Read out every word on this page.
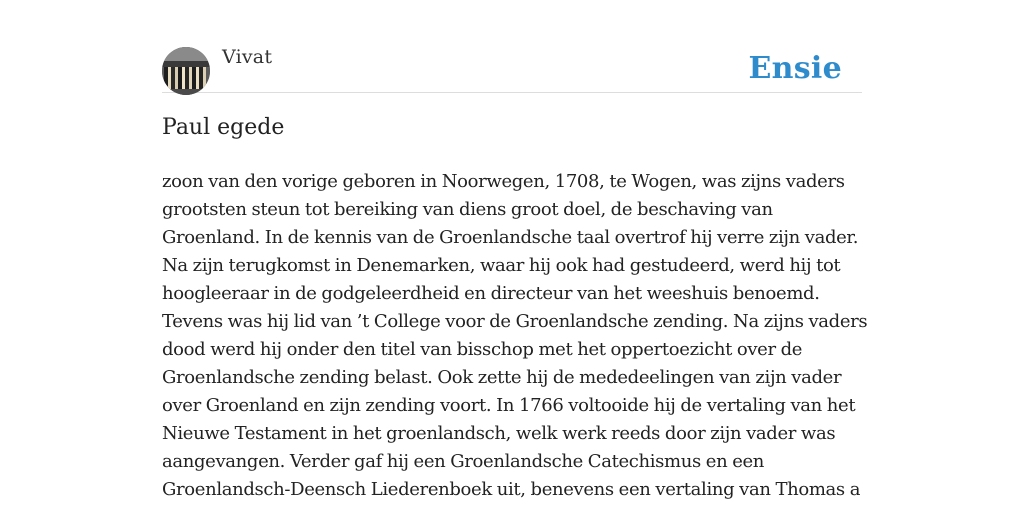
Vivat	Ensie
Paul egede

zoon van den vorige geboren in Noorwegen, 1708, te Wogen, was zijns vaders grootsten steun tot bereiking van diens groot doel, de beschaving van Groenland. In de kennis van de Groenlandsche taal overtrof hij verre zijn vader. Na zijn terugkomst in Denemarken, waar hij ook had gestudeerd, werd hij tot hoogleeraar in de godgeleerdheid en directeur van het weeshuis benoemd. Tevens was hij lid van ’t College voor de Groenlandsche zending. Na zijns vaders dood werd hij onder den titel van bisschop met het oppertoezicht over de Groenlandsche zending belast. Ook zette hij de mededeelingen van zijn vader over Groenland en zijn zending voort. In 1766 voltooide hij de vertaling van het Nieuwe Testament in het groenlandsch, welk werk reeds door zijn vader was aangevangen. Verder gaf hij een Groenlandsche Catechismus en een Groenlandsch-Deensch Liederenboek uit, benevens een vertaling van Thomas a
